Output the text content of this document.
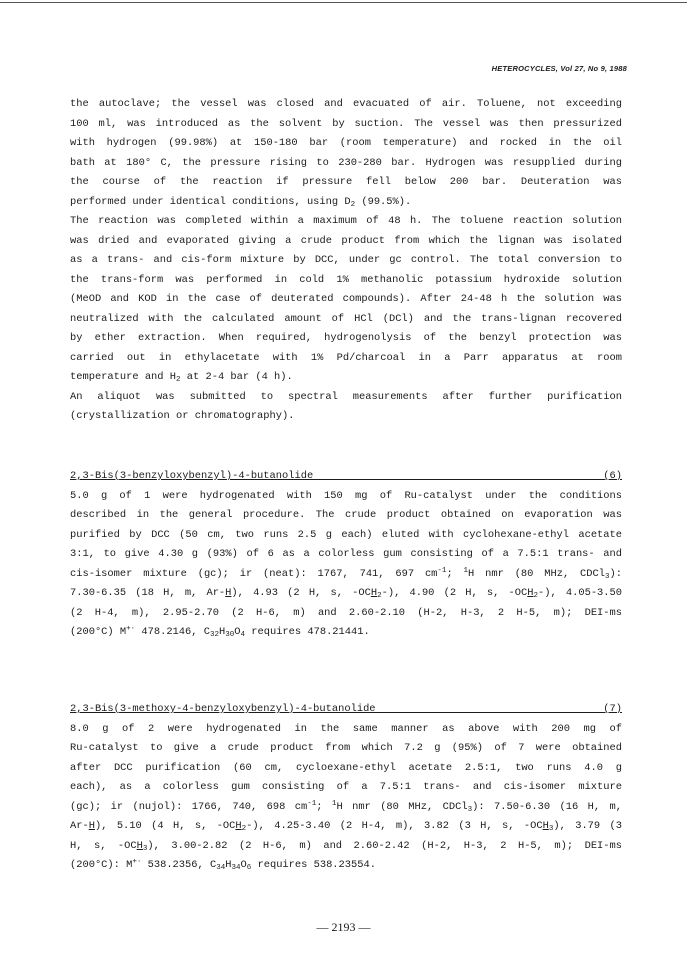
HETEROCYCLES, Vol 27, No 9, 1988

the autoclave; the vessel was closed and evacuated of air. Toluene, not exceeding

100 ml, was introduced as the solvent by suction. The vessel was then pressurized

with hydrogen (99.98%) at 150-180 bar (room temperature) and rocked in the oil

bath at 180° C, the pressure rising to 230-280 bar. Hydrogen was resupplied during

the course of the reaction if pressure fell below 200 bar. Deuteration was

performed under identical conditions, using $D_2$ (99.5%).

The reaction was completed within a maximum of 48 h. The toluene reaction solution

was dried and evaporated giving a crude product from which the lignan was isolated

as a trans- and cis-form mixture by DCC, under gc control. The total conversion to

the trans-form was performed in cold 1% methanolic potassium hydroxide solution

(MeOD and KOD in the case of deuterated compounds). After 24-48 h the solution was

neutralized with the calculated amount of HCl (DCl) and the trans-lignan recovered

by ether extraction. When required, hydrogenolysis of the benzyl protection was

carried out in ethylacetate with 1% Pd/charcoal in a Parr apparatus at room

temperature and $H_2$ at 2-4 bar (4 h).

An aliquot was submitted to spectral measurements after further purification

(crystallization or chromatography).

2,3-Bis(3-benzyloxybenzyl)-4-butanolide (6)

5.0 g of 1 were hydrogenated with 150 mg of Ru-catalyst under the conditions

described in the general procedure. The crude product obtained on evaporation was

purified by DCC (50 cm, two runs 2.5 g each) eluted with cyclohexane-ethyl acetate

3:1, to give 4.30 g (93%) of 6 as a colorless gum consisting of a 7.5:1 trans- and

cis-isomer mixture (gc); ir (neat): 1767, 741, 697 $cm^{-1}$; $^1$H nmr (80 MHz, CDCl$_3$):

7.30-6.35 (18 H, m, Ar-H), 4.93 (2 H, s, $-OCH_2-$), 4.90 (2 H, s, $-OCH_2-$), 4.05-3.50

(2 H-4, m), 2.95-2.70 (2 H-6, m) and 2.60-2.10 (H-2, H-3, 2 H-5, m); DEI-ms

(200°C) M+· 478.2146, $C_{32}H_{30}O_4$ requires 478.21441.

2,3-Bis(3-methoxy-4-benzyloxybenzyl)-4-butanolide (7)

8.0 g of 2 were hydrogenated in the same manner as above with 200 mg of

Ru-catalyst to give a crude product from which 7.2 g (95%) of 7 were obtained

after DCC purification (60 cm, cycloexane-ethyl acetate 2.5:1, two runs 4.0 g

each), as a colorless gum consisting of a 7.5:1 trans- and cis-isomer mixture

(gc); ir (nujol): 1766, 740, 698 $cm^{-1}$; $^1$H nmr (80 MHz, CDCl$_3$): 7.50-6.30 (16 H, m,

Ar-H), 5.10 (4 H, s, $-OCH_2-$), 4.25-3.40 (2 H-4, m), 3.82 (3 H, s, $-OCH_3$), 3.79 (3

H, s, $-OCH_3$), 3.00-2.82 (2 H-6, m) and 2.60-2.42 (H-2, H-3, 2 H-5, m); DEI-ms

(200°C): M+· 538.2356, $C_{34}H_{34}O_6$ requires 538.23554.

— 2193 —
